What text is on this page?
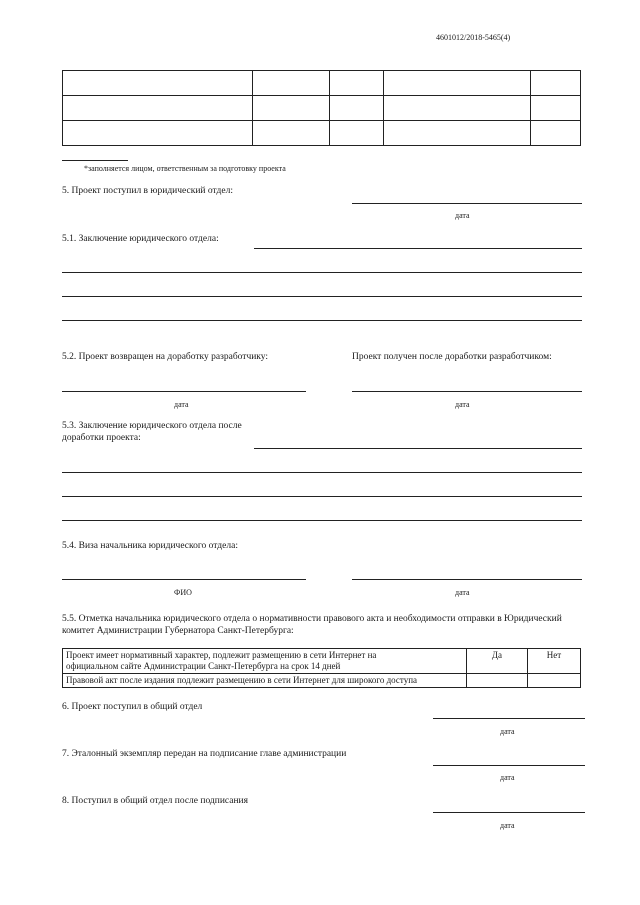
4601012/2018-5465(4)

*заполняется лицом, ответственным за подготовку проекта
5. Проект поступил в юридический отдел:
дата
5.1. Заключение юридического отдела:
5.2. Проект возвращен на доработку разработчику:	Проект получен после доработки разработчиком:
дата	дата
5.3. Заключение юридического отдела после
доработки проекта:
5.4. Виза начальника юридического отдела:
ФИО	дата
5.5. Отметка начальника юридического отдела о нормативности правового акта и необходимости отправки в Юридический
комитет Администрации Губернатора Санкт-Петербурга:
Проект имеет нормативный характер, подлежит размещению в сети Интернет на
официальном сайте Администрации Санкт-Петербурга на срок 14 дней	Да	Нет

Правовой акт после издания подлежит размещению в сети Интернет для широкого доступа		

6. Проект поступил в общий отдел
дата
7. Эталонный экземпляр передан на подписание главе администрации
дата
8. Поступил в общий отдел после подписания
дата
